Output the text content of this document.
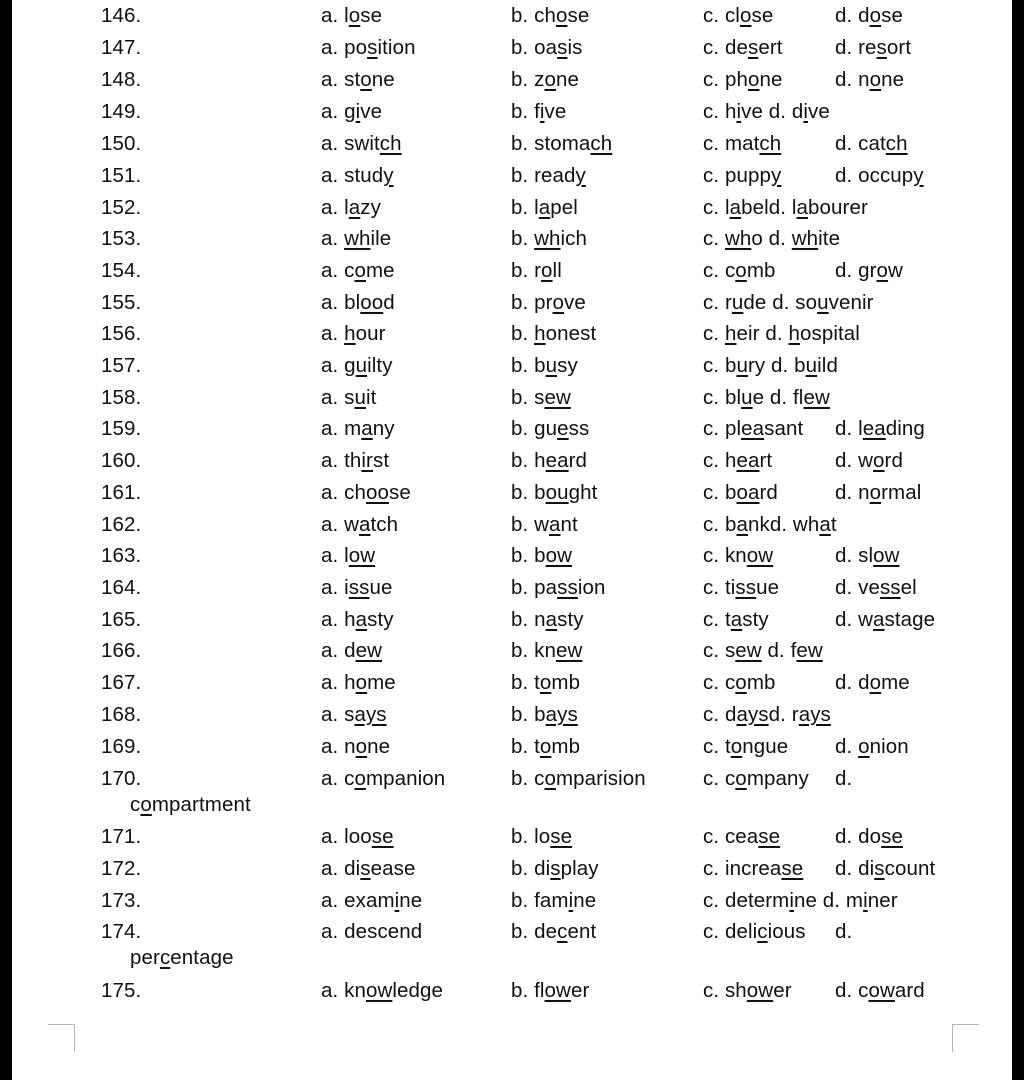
146.	a. lose	b. chose	c. close	d. dose
147.	a. position	b. oasis	c. desert	d. resort
148.	a. stone	b. zone	c. phone	d. none
149.	a. give	b. five	c. hive d. dive
150.	a. switch	b. stomach	c. match	d. catch
151.	a. study	b. ready	c. puppy	d. occupy
152.	a. lazy	b. lapel	c. labeld. labourer
153.	a. while	b. which	c. who d. white
154.	a. come	b. roll	c. comb	d. grow
155.	a. blood	b. prove	c. rude d. souvenir
156.	a. hour	b. honest	c. heir d. hospital
157.	a. guilty	b. busy	c. bury d. build
158.	a. suit	b. sew	c. blue d. flew
159.	a. many	b. guess	c. pleasant d. leading
160.	a. thirst	b. heard	c. heart	d. word
161.	a. choose	b. bought	c. board	d. normal
162.	a. watch	b. want	c. bankd. what
163.	a. low	b. bow	c. know	d. slow
164.	a. issue	b. passion	c. tissue	d. vessel
165.	a. hasty	b. nasty	c. tasty	d. wastage
166.	a. dew	b. knew	c. sew d. few
167.	a. home	b. tomb	c. comb	d. dome
168.	a. says	b. bays	c. daysd. rays
169.	a. none	b. tomb	c. tongue d. onion
170.	a. companion	b. comparision	c. company d.
compartment
171.	a. loose	b. lose	c. cease	d. dose
172.	a. disease	b. display	c. increase d. discount
173.	a. examine	b. famine	c. determine d. miner
174.	a. descend	b. decent	c. delicious d.
percentage
175.	a. knowledge	b. flower	c. shower d. coward
